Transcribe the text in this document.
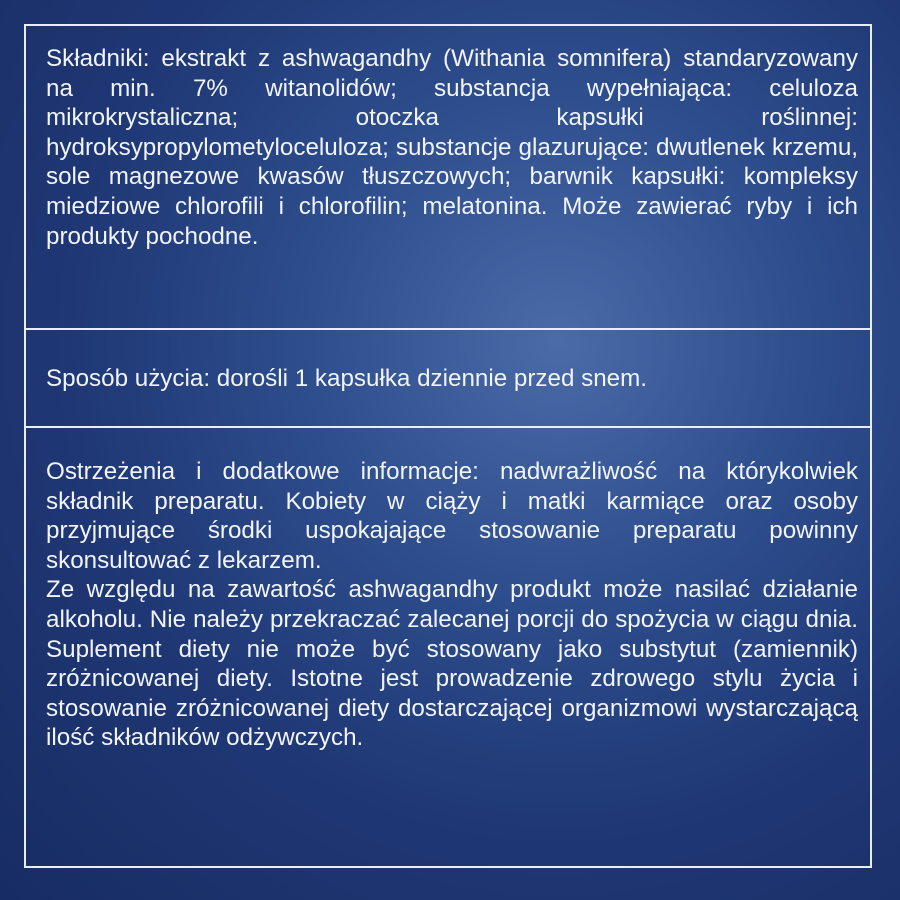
Składniki: ekstrakt z ashwagandhy (Withania somnifera) standaryzowany na min. 7% witanolidów; substancja wypełniająca: celuloza mikrokrystaliczna; otoczka kapsułki roślinnej: hydroksypropylometyloceluloza; substancje glazurujące: dwutlenek krzemu, sole magnezowe kwasów tłuszczowych; barwnik kapsułki: kompleksy miedziowe chlorofili i chlorofilin; melatonina. Może zawierać ryby i ich produkty pochodne.

Sposób użycia: dorośli 1 kapsułka dziennie przed snem.

Ostrzeżenia i dodatkowe informacje: nadwrażliwość na którykolwiek składnik preparatu. Kobiety w ciąży i matki karmiące oraz osoby przyjmujące środki uspokajające stosowanie preparatu powinny skonsultować z lekarzem.

Ze względu na zawartość ashwagandhy produkt może nasilać działanie alkoholu. Nie należy przekraczać zalecanej porcji do spożycia w ciągu dnia. Suplement diety nie może być stosowany jako substytut (zamiennik) zróżnicowanej diety. Istotne jest prowadzenie zdrowego stylu życia i stosowanie zróżnicowanej diety dostarczającej organizmowi wystarczającą ilość składników odżywczych.
